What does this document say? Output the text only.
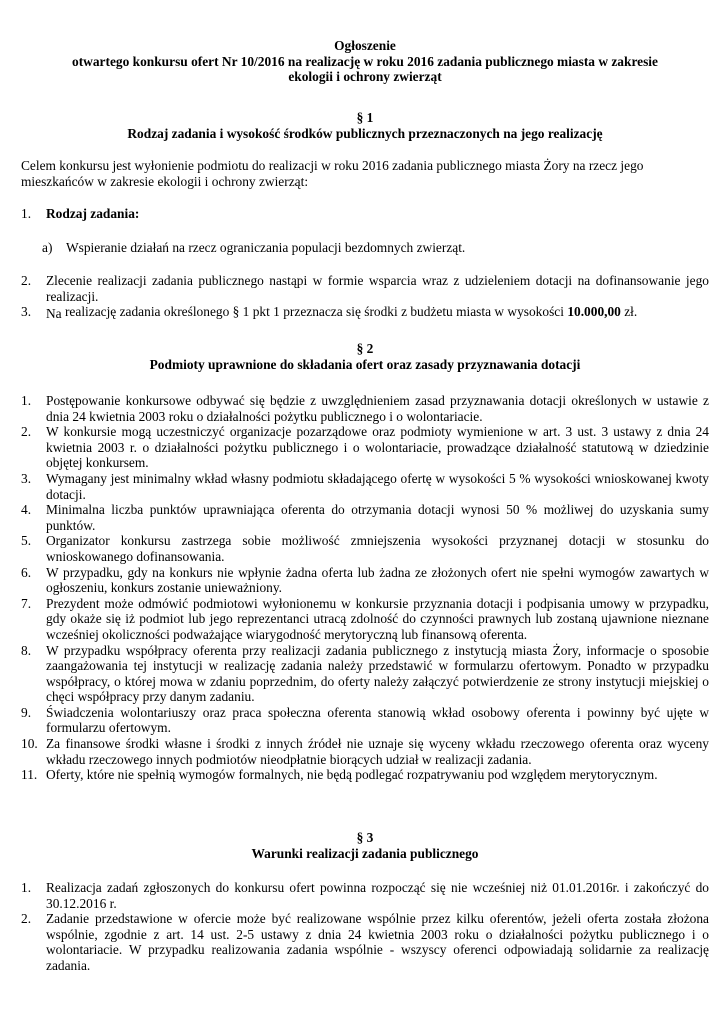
Ogłoszenie
otwartego konkursu ofert Nr 10/2016 na realizację w roku 2016 zadania publicznego miasta w zakresie
ekologii i ochrony zwierząt
§ 1
Rodzaj zadania i wysokość środków publicznych przeznaczonych na jego realizację
Celem konkursu jest wyłonienie podmiotu do realizacji w roku 2016 zadania publicznego miasta Żory na rzecz jego mieszkańców w zakresie ekologii i ochrony zwierząt:
1. Rodzaj zadania:
a) Wspieranie działań na rzecz ograniczania populacji bezdomnych zwierząt.
2. Zlecenie realizacji zadania publicznego nastąpi w formie wsparcia wraz z udzieleniem dotacji na dofinansowanie jego realizacji.
3. Na realizację zadania określonego § 1 pkt 1 przeznacza się środki z budżetu miasta w wysokości 10.000,00 zł.
§ 2
Podmioty uprawnione do składania ofert oraz zasady przyznawania dotacji
1. Postępowanie konkursowe odbywać się będzie z uwzględnieniem zasad przyznawania dotacji określonych w ustawie z dnia 24 kwietnia 2003 roku o działalności pożytku publicznego i o wolontariacie.
2. W konkursie mogą uczestniczyć organizacje pozarządowe oraz podmioty wymienione w art. 3 ust. 3 ustawy z dnia 24 kwietnia 2003 r. o działalności pożytku publicznego i o wolontariacie, prowadzące działalność statutową w dziedzinie objętej konkursem.
3. Wymagany jest minimalny wkład własny podmiotu składającego ofertę w wysokości 5 % wysokości wnioskowanej kwoty dotacji.
4. Minimalna liczba punktów uprawniająca oferenta do otrzymania dotacji wynosi 50 % możliwej do uzyskania sumy punktów.
5. Organizator konkursu zastrzega sobie możliwość zmniejszenia wysokości przyznanej dotacji w stosunku do wnioskowanego dofinansowania.
6. W przypadku, gdy na konkurs nie wpłynie żadna oferta lub żadna ze złożonych ofert nie spełni wymogów zawartych w ogłoszeniu, konkurs zostanie unieważniony.
7. Prezydent może odmówić podmiotowi wyłonionemu w konkursie przyznania dotacji i podpisania umowy w przypadku, gdy okaże się iż podmiot lub jego reprezentanci utracą zdolność do czynności prawnych lub zostaną ujawnione nieznane wcześniej okoliczności podważające wiarygodność merytoryczną lub finansową oferenta.
8. W przypadku współpracy oferenta przy realizacji zadania publicznego z instytucją miasta Żory, informacje o sposobie zaangażowania tej instytucji w realizację zadania należy przedstawić w formularzu ofertowym. Ponadto w przypadku współpracy, o której mowa w zdaniu poprzednim, do oferty należy załączyć potwierdzenie ze strony instytucji miejskiej o chęci współpracy przy danym zadaniu.
9. Świadczenia wolontariuszy oraz praca społeczna oferenta stanowią wkład osobowy oferenta i powinny być ujęte w formularzu ofertowym.
10. Za finansowe środki własne i środki z innych źródeł nie uznaje się wyceny wkładu rzeczowego oferenta oraz wyceny wkładu rzeczowego innych podmiotów nieodpłatnie biorących udział w realizacji zadania.
11. Oferty, które nie spełnią wymogów formalnych, nie będą podlegać rozpatrywaniu pod względem merytorycznym.
§ 3
Warunki realizacji zadania publicznego
1. Realizacja zadań zgłoszonych do konkursu ofert powinna rozpocząć się nie wcześniej niż 01.01.2016r. i zakończyć do 30.12.2016 r.
2. Zadanie przedstawione w ofercie może być realizowane wspólnie przez kilku oferentów, jeżeli oferta została złożona wspólnie, zgodnie z art. 14 ust. 2-5 ustawy z dnia 24 kwietnia 2003 roku o działalności pożytku publicznego i o wolontariacie. W przypadku realizowania zadania wspólnie - wszyscy oferenci odpowiadają solidarnie za realizację zadania.
